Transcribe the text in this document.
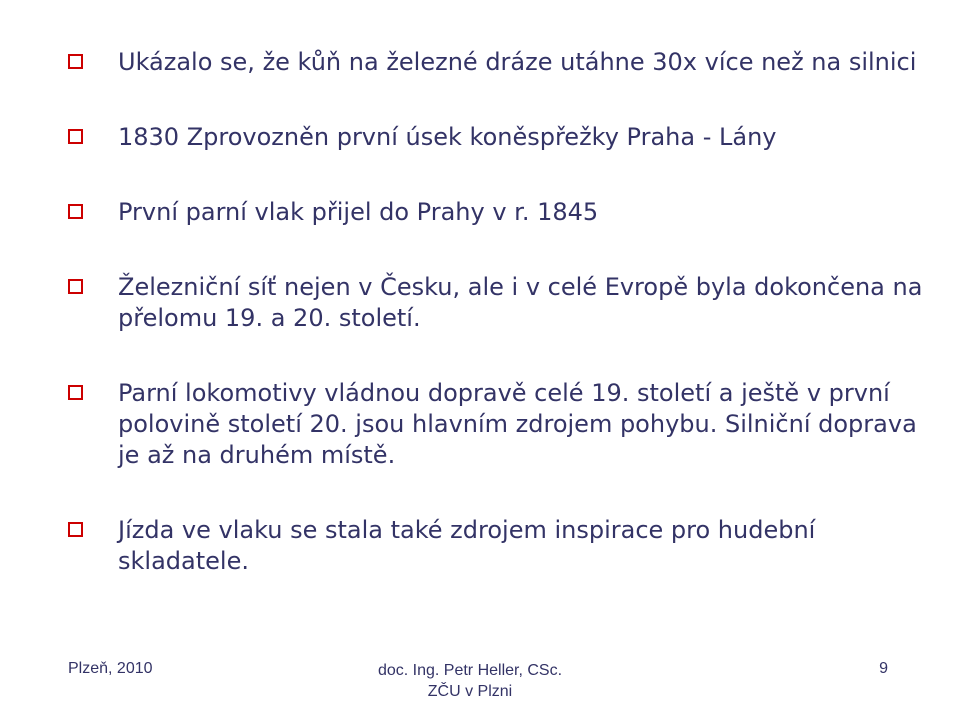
Ukázalo se, že kůň na železné dráze utáhne 30x více než na silnici
1830 Zprovozněn první úsek koněspřežky Praha - Lány
První parní vlak přijel do Prahy v r. 1845
Železniční síť nejen v Česku, ale i v celé Evropě byla dokončena na přelomu 19. a 20. století.
Parní lokomotivy vládnou dopravě celé 19. století a ještě v první polovině století 20. jsou hlavním zdrojem pohybu. Silniční doprava je až na druhém místě.
Jízda ve vlaku se stala také zdrojem inspirace pro hudební skladatele.
Plzeň, 2010	doc. Ing. Petr Heller, CSc.
ZČU v Plzni
9
